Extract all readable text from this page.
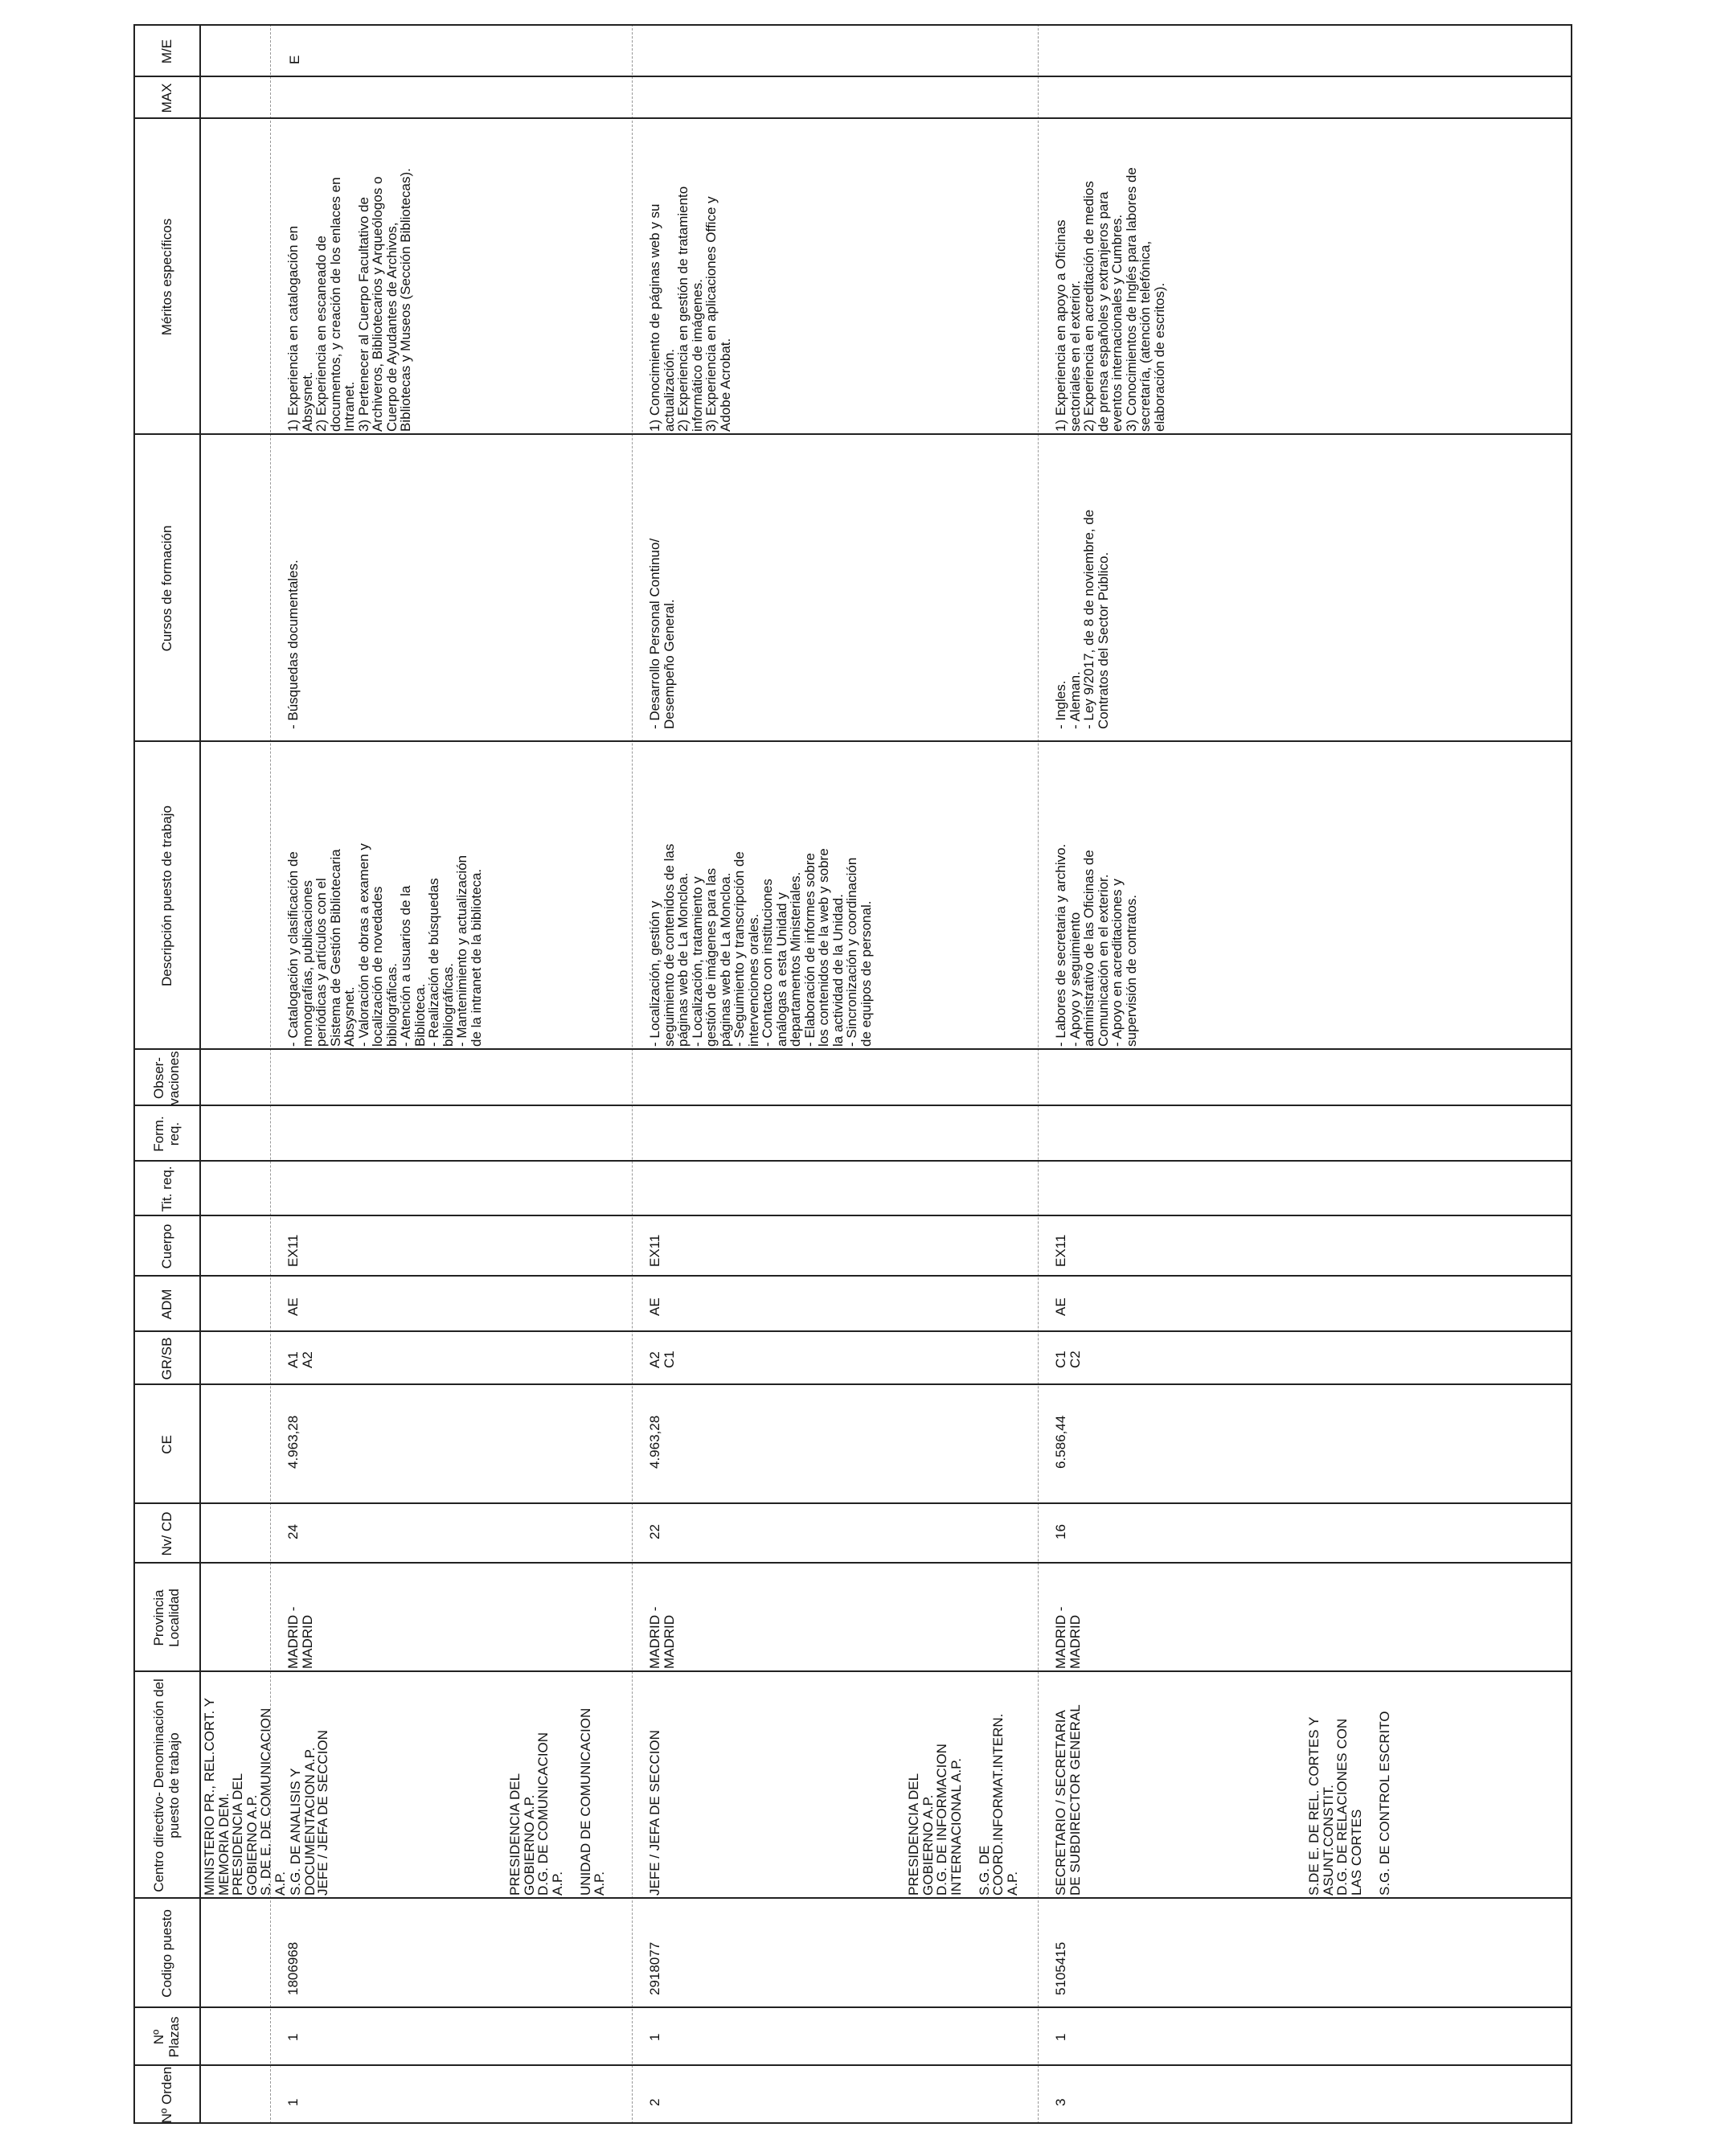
Nº Orden
Nº Plazas
Codigo puesto
Centro directivo- Denominación del puesto de trabajo
Provincia Localidad
Nv/ CD
CE
GR/SB
ADM
Cuerpo
Tit. req.
Form. req.
Obser- vaciones
Descripción puesto de trabajo
Cursos de formación
Méritos específicos
MAX
M/E
MINISTERIO PR., REL.CORT. Y
MEMORIA DEM.
PRESIDENCIA DEL
GOBIERNO A.P.
S. DE E. DE COMUNICACION
A.P. S.G. DE ANALISIS Y
DOCUMENTACION A.P.
E
1
1
1806968
JEFE / JEFA DE SECCION
MADRID -
MADRID
24
4.963,28
A1
A2
AE
EX11
- Catalogación y clasificación de
monografías, publicaciones
periódicas y artículos con el
Sistema de Gestión Bibliotecaria
Absysnet.
- Valoración de obras a examen y
localización de novedades
bibliográficas.
- Atención a usuarios de la
Biblioteca.
- Realización de búsquedas
bibliográficas.
- Mantenimiento y actualización
de la intranet de la biblioteca.
- Búsquedas documentales.
1) Experiencia en catalogación en
Absysnet.
2) Experiencia en escaneado de
documentos, y creación de los enlaces en
Intranet.
3) Pertenecer al Cuerpo Facultativo de
Archiveros, Bibliotecarios y Arqueólogos o
Cuerpo de Ayudantes de Archivos,
Bibliotecas y Museos (Sección Bibliotecas).
PRESIDENCIA DEL
GOBIERNO A.P.
D.G. DE COMUNICACION
A.P.

UNIDAD DE COMUNICACION
A.P.
2
1
2918077
JEFE / JEFA DE SECCION
MADRID -
MADRID
22
4.963,28
A2
C1
AE
EX11
- Localización, gestión y
seguimiento de contenidos de las
páginas web de La Moncloa.
- Localización, tratamiento y
gestión de imágenes para las
páginas web de La Moncloa.
- Seguimiento y transcripción de
intervenciones orales.
- Contacto con instituciones
análogas a esta Unidad y
departamentos Ministeriales.
- Elaboración de informes sobre
los contenidos de la web y sobre
la actividad de la Unidad.
- Sincronización y coordinación
de equipos de personal.
- Desarrollo Personal Continuo/
Desempeño General.
1) Conocimiento de páginas web y su
actualización.
2) Experiencia en gestión de tratamiento
informático de imágenes.
3) Experiencia en aplicaciones Office y
Adobe Acrobat.
PRESIDENCIA DEL
GOBIERNO A.P.
D.G. DE INFORMACION
INTERNACIONAL A.P.

S.G. DE
COORD.INFORMAT.INTERN.
A.P.
3
1
5105415
SECRETARIO / SECRETARIA
DE SUBDIRECTOR GENERAL
MADRID -
MADRID
16
6.586,44
C1
C2
AE
EX11
- Labores de secretaria y archivo.
- Apoyo y seguimiento
administrativo de las Oficinas de
Comunicación en el exterior.
- Apoyo en acreditaciones y
supervisión de contratos.
- Ingles.
- Aleman.
- Ley 9/2017, de 8 de noviembre, de
Contratos del Sector Público.
1) Experiencia en apoyo a Oficinas
sectoriales en el exterior.
2) Experiencia en acreditación de medios
de prensa españoles y extranjeros para
eventos internacionales y Cumbres.
3) Conocimientos de Inglés para labores de
secretaría, (atención telefónica,
elaboración de escritos).
S.DE E. DE REL. CORTES Y
ASUNT.CONSTIT.
D.G. DE RELACIONES CON
LAS CORTES

S.G. DE CONTROL ESCRITO
